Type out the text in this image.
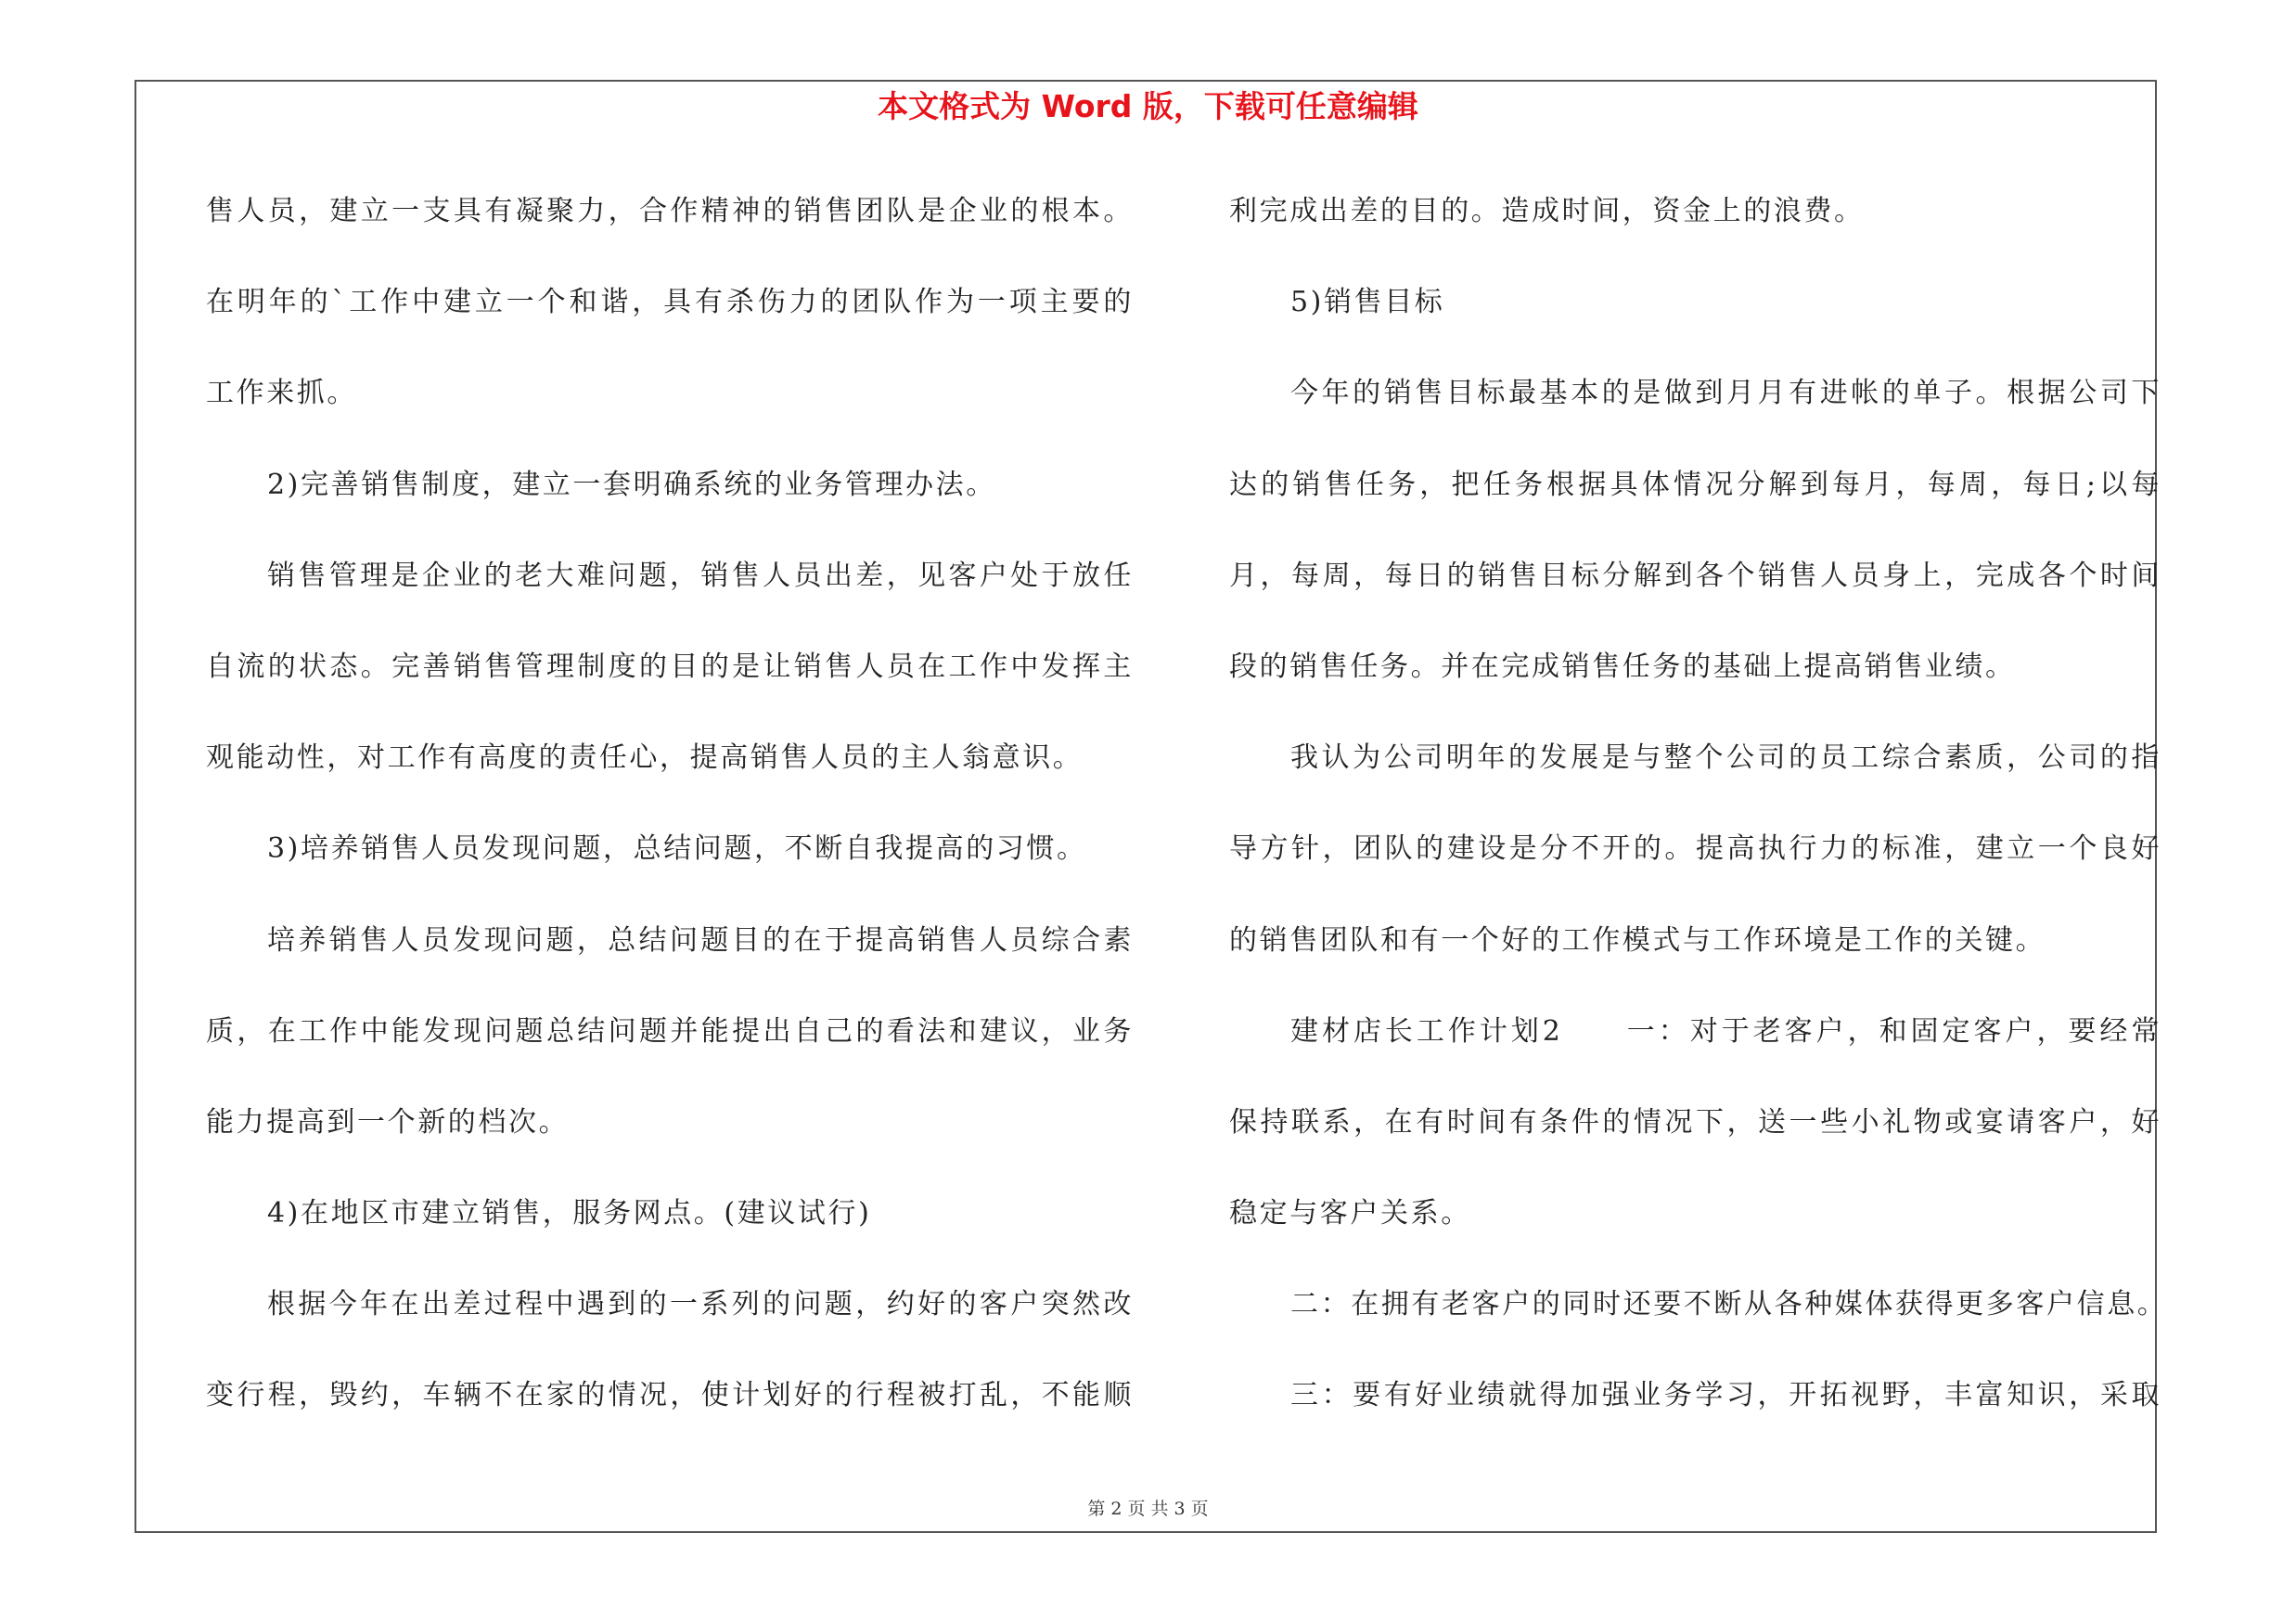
本文格式为 Word 版，下载可任意编辑
售人员，建立一支具有凝聚力，合作精神的销售团队是企业的根本。
在明年的`工作中建立一个和谐，具有杀伤力的团队作为一项主要的
工作来抓。
2)完善销售制度，建立一套明确系统的业务管理办法。
销售管理是企业的老大难问题，销售人员出差，见客户处于放任
自流的状态。完善销售管理制度的目的是让销售人员在工作中发挥主
观能动性，对工作有高度的责任心，提高销售人员的主人翁意识。
3)培养销售人员发现问题，总结问题，不断自我提高的习惯。
培养销售人员发现问题，总结问题目的在于提高销售人员综合素
质，在工作中能发现问题总结问题并能提出自己的看法和建议，业务
能力提高到一个新的档次。
4)在地区市建立销售，服务网点。(建议试行)
根据今年在出差过程中遇到的一系列的问题，约好的客户突然改
变行程，毁约，车辆不在家的情况，使计划好的行程被打乱，不能顺
利完成出差的目的。造成时间，资金上的浪费。
5)销售目标
今年的销售目标最基本的是做到月月有进帐的单子。根据公司下
达的销售任务，把任务根据具体情况分解到每月，每周，每日;以每
月，每周，每日的销售目标分解到各个销售人员身上，完成各个时间
段的销售任务。并在完成销售任务的基础上提高销售业绩。
我认为公司明年的发展是与整个公司的员工综合素质，公司的指
导方针，团队的建设是分不开的。提高执行力的标准，建立一个良好
的销售团队和有一个好的工作模式与工作环境是工作的关键。
建材店长工作计划2　　一：对于老客户，和固定客户，要经常
保持联系，在有时间有条件的情况下，送一些小礼物或宴请客户，好
稳定与客户关系。
二：在拥有老客户的同时还要不断从各种媒体获得更多客户信息。
三：要有好业绩就得加强业务学习，开拓视野，丰富知识，采取
第 2 页 共 3 页
